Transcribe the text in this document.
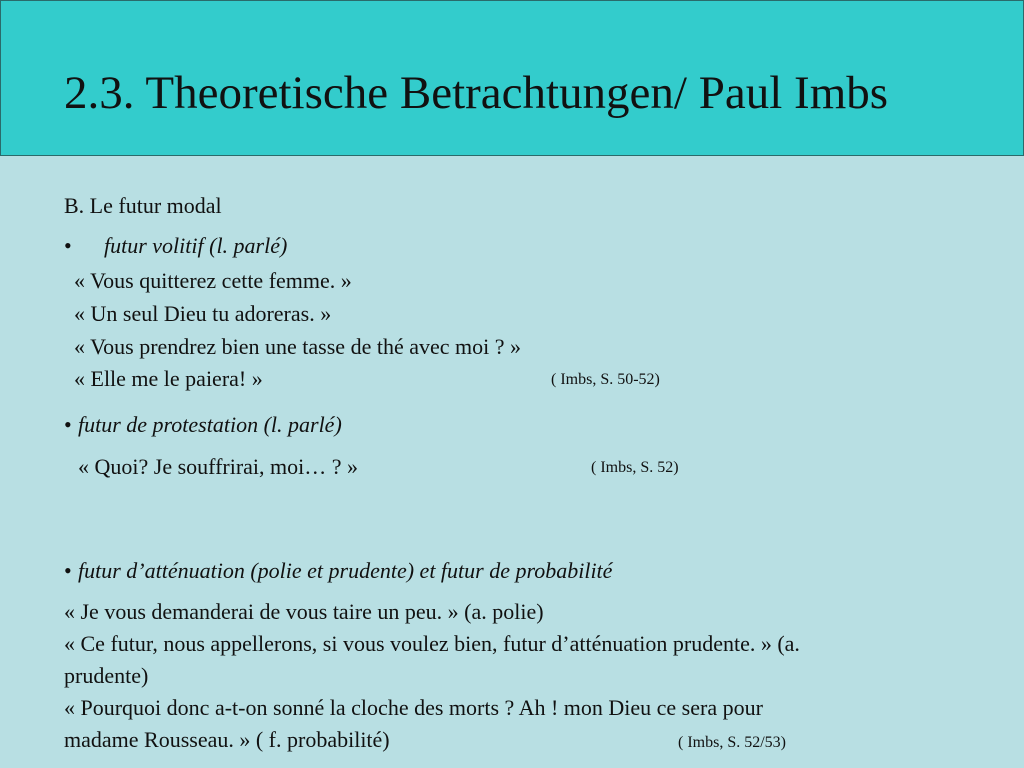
2.3. Theoretische Betrachtungen/ Paul Imbs
B. Le futur modal
• futur volitif (l. parlé)
« Vous quitterez cette femme. »
« Un seul Dieu tu adoreras. »
« Vous prendrez bien une tasse de thé avec moi ? »
« Elle me le paiera! »	( Imbs, S. 50-52)
• futur de protestation (l. parlé)
« Quoi? Je souffrirai, moi… ? »	( Imbs, S. 52)
• futur d’atténuation (polie et prudente) et futur de probabilité
« Je vous demanderai de vous taire un peu. » (a. polie)
« Ce futur, nous appellerons, si vous voulez bien, futur d’atténuation prudente. » (a.
prudente)
« Pourquoi donc a-t-on sonné la cloche des morts ? Ah ! mon Dieu ce sera pour
madame Rousseau. » ( f. probabilité)	( Imbs, S. 52/53)
